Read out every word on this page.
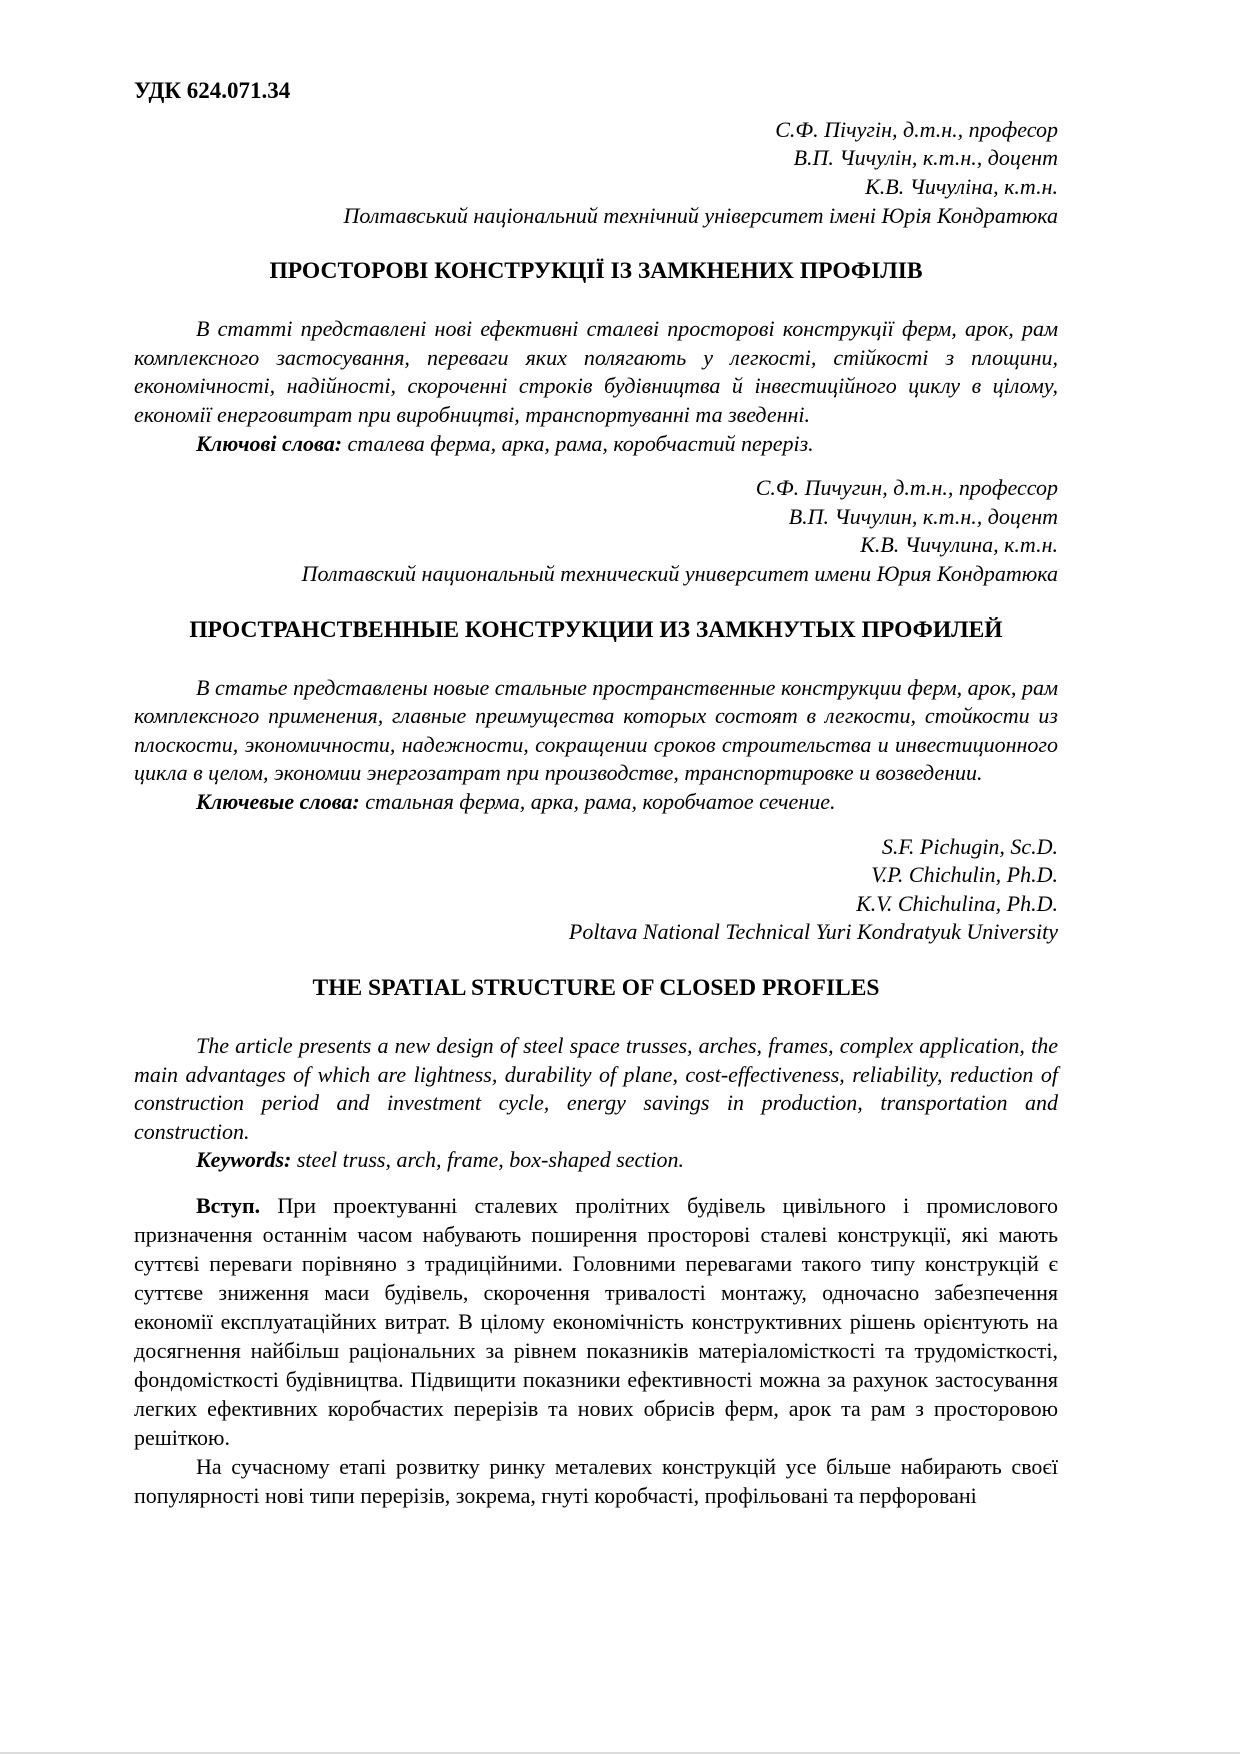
УДК 624.071.34

С.Ф. Пічугін, д.т.н., професор

В.П. Чичулін, к.т.н., доцент

К.В. Чичуліна, к.т.н.

Полтавський національний технічний університет імені Юрія Кондратюка

ПРОСТОРОВІ КОНСТРУКЦІЇ ІЗ ЗАМКНЕНИХ ПРОФІЛІВ

В статті представлені нові ефективні сталеві просторові конструкції ферм, арок, рам комплексного застосування, переваги яких полягають у легкості, стійкості з площини, економічності, надійності, скороченні строків будівництва й інвестиційного циклу в цілому, економії енерговитрат при виробництві, транспортуванні та зведенні.

Ключові слова: сталева ферма, арка, рама, коробчастий переріз.

С.Ф. Пичугин, д.т.н., профессор

В.П. Чичулин, к.т.н., доцент

К.В. Чичулина, к.т.н.

Полтавский национальный технический университет имени Юрия Кондратюка

ПРОСТРАНСТВЕННЫЕ КОНСТРУКЦИИ ИЗ ЗАМКНУТЫХ ПРОФИЛЕЙ

В статье представлены новые стальные пространственные конструкции ферм, арок, рам комплексного применения, главные преимущества которых состоят в легкости, стойкости из плоскости, экономичности, надежности, сокращении сроков строительства и инвестиционного цикла в целом, экономии энергозатрат при производстве, транспортировке и возведении.

Ключевые слова: стальная ферма, арка, рама, коробчатое сечение.

S.F. Pichugin, Sc.D.

V.P. Chichulin, Ph.D.

K.V. Chichulina, Ph.D.

Poltava National Technical Yuri Kondratyuk University

THE SPATIAL STRUCTURE OF CLOSED PROFILES

The article presents a new design of steel space trusses, arches, frames, complex application, the main advantages of which are lightness, durability of plane, cost-effectiveness, reliability, reduction of construction period and investment cycle, energy savings in production, transportation and construction.

Keywords: steel truss, arch, frame, box-shaped section.

Вступ. При проектуванні сталевих пролітних будівель цивільного і промислового призначення останнім часом набувають поширення просторові сталеві конструкції, які мають суттєві переваги порівняно з традиційними. Головними перевагами такого типу конструкцій є суттєве зниження маси будівель, скорочення тривалості монтажу, одночасно забезпечення економії експлуатаційних витрат. В цілому економічність конструктивних рішень орієнтують на досягнення найбільш раціональних за рівнем показників матеріаломісткості та трудомісткості, фондомісткості будівництва. Підвищити показники ефективності можна за рахунок застосування легких ефективних коробчастих перерізів та нових обрисів ферм, арок та рам з просторовою решіткою.

На сучасному етапі розвитку ринку металевих конструкцій усе більше набирають своєї популярності нові типи перерізів, зокрема, гнуті коробчасті, профільовані та перфоровані
